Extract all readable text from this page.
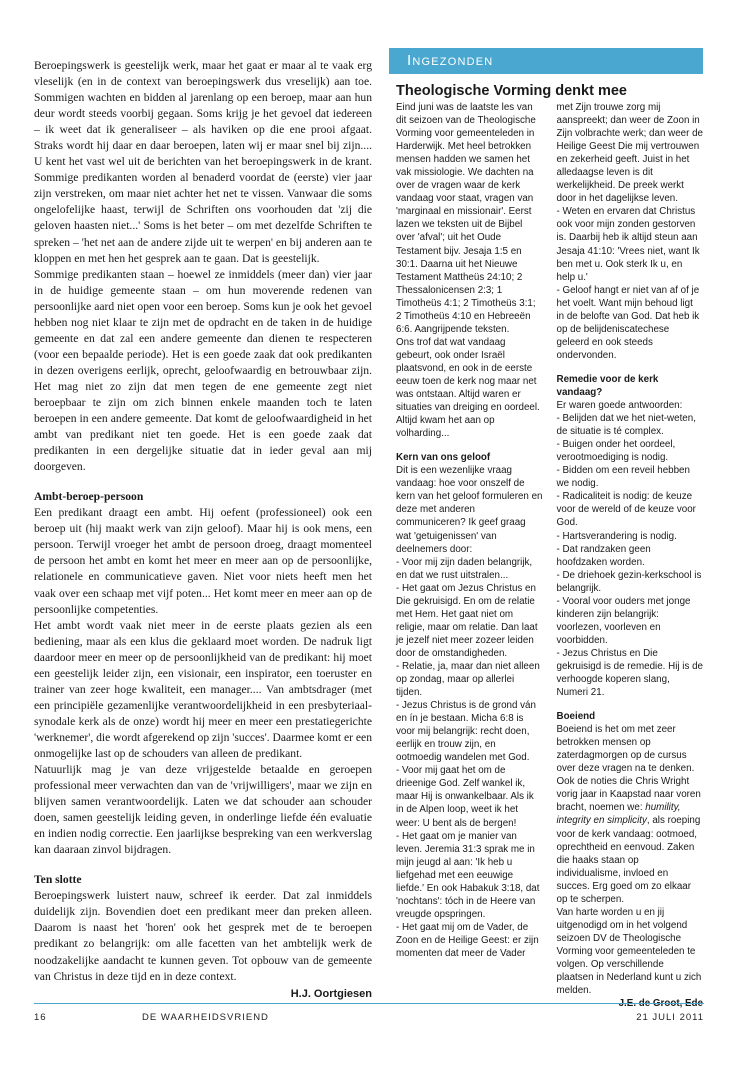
Beroepingswerk is geestelijk werk, maar het gaat er maar al te vaak erg vleselijk (en in de context van beroepingswerk dus vreselijk) aan toe. Sommigen wachten en bidden al jarenlang op een beroep, maar aan hun deur wordt steeds voorbij gegaan. Soms krijg je het gevoel dat iedereen – ik weet dat ik generaliseer – als haviken op die ene prooi afgaat. Straks wordt hij daar en daar beroepen, laten wij er maar snel bij zijn.... U kent het vast wel uit de berichten van het beroepingswerk in de krant. Sommige predikanten worden al benaderd voordat de (eerste) vier jaar zijn verstreken, om maar niet achter het net te vissen. Vanwaar die soms ongelofelijke haast, terwijl de Schriften ons voorhouden dat 'zij die geloven haasten niet...' Soms is het beter – om met dezelfde Schriften te spreken – 'het net aan de andere zijde uit te werpen' en bij anderen aan te kloppen en met hen het gesprek aan te gaan. Dat is geestelijk.

Sommige predikanten staan – hoewel ze inmiddels (meer dan) vier jaar in de huidige gemeente staan – om hun moverende redenen van persoonlijke aard niet open voor een beroep. Soms kun je ook het gevoel hebben nog niet klaar te zijn met de opdracht en de taken in de huidige gemeente en dat zal een andere gemeente dan dienen te respecteren (voor een bepaalde periode). Het is een goede zaak dat ook predikanten in dezen overigens eerlijk, oprecht, geloofwaardig en betrouwbaar zijn. Het mag niet zo zijn dat men tegen de ene gemeente zegt niet beroepbaar te zijn om zich binnen enkele maanden toch te laten beroepen in een andere gemeente. Dat komt de geloofwaardigheid in het ambt van predikant niet ten goede. Het is een goede zaak dat predikanten in een dergelijke situatie dat in ieder geval aan mij doorgeven.

Ambt-beroep-persoon

Een predikant draagt een ambt. Hij oefent (professioneel) ook een beroep uit (hij maakt werk van zijn geloof). Maar hij is ook mens, een persoon. Terwijl vroeger het ambt de persoon droeg, draagt momenteel de persoon het ambt en komt het meer en meer aan op de persoonlijke, relationele en communicatieve gaven. Niet voor niets heeft men het vaak over een schaap met vijf poten... Het komt meer en meer aan op de persoonlijke competenties.

Het ambt wordt vaak niet meer in de eerste plaats gezien als een bediening, maar als een klus die geklaard moet worden. De nadruk ligt daardoor meer en meer op de persoonlijkheid van de predikant: hij moet een geestelijk leider zijn, een visionair, een inspirator, een toeruster en trainer van zeer hoge kwaliteit, een manager.... Van ambtsdrager (met een principiële gezamenlijke verantwoordelijkheid in een presbyteriaal-synodale kerk als de onze) wordt hij meer en meer een prestatiegerichte 'werknemer', die wordt afgerekend op zijn 'succes'. Daarmee komt er een onmogelijke last op de schouders van alleen de predikant.

Natuurlijk mag je van deze vrijgestelde betaalde en geroepen professional meer verwachten dan van de 'vrijwilligers', maar we zijn en blijven samen verantwoordelijk. Laten we dat schouder aan schouder doen, samen geestelijk leiding geven, in onderlinge liefde één evaluatie en indien nodig correctie. Een jaarlijkse bespreking van een werkverslag kan daaraan zinvol bijdragen.

Ten slotte

Beroepingswerk luistert nauw, schreef ik eerder. Dat zal inmiddels duidelijk zijn. Bovendien doet een predikant meer dan preken alleen. Daarom is naast het 'horen' ook het gesprek met de te beroepen predikant zo belangrijk: om alle facetten van het ambtelijk werk de noodzakelijke aandacht te kunnen geven. Tot opbouw van de gemeente van Christus in deze tijd en in deze context.

H.J. Oortgiesen

Ingezonden
Theologische Vorming denkt mee

Eind juni was de laatste les van dit seizoen van de Theologische Vorming voor gemeenteleden in Harderwijk. Met heel betrokken mensen hadden we samen het vak missiologie. We dachten na over de vragen waar de kerk vandaag voor staat, vragen van 'marginaal en missionair'. Eerst lazen we teksten uit de Bijbel over 'afval'; uit het Oude Testament bijv. Jesaja 1:5 en 30:1. Daarna uit het Nieuwe Testament Mattheüs 24:10; 2 Thessalonicensen 2:3; 1 Timotheüs 4:1; 2 Timotheüs 3:1; 2 Timotheüs 4:10 en Hebreeën 6:6. Aangrijpende teksten.

Ons trof dat wat vandaag gebeurt, ook onder Israël plaatsvond, en ook in de eerste eeuw toen de kerk nog maar net was ontstaan. Altijd waren er situaties van dreiging en oordeel. Altijd kwam het aan op volharding...

Kern van ons geloof

Dit is een wezenlijke vraag vandaag: hoe voor onszelf de kern van het geloof formuleren en deze met anderen communiceren? Ik geef graag wat 'getuigenissen' van deelnemers door:

- Voor mij zijn daden belangrijk, en dat we rust uitstralen...

- Het gaat om Jezus Christus en Die gekruisigd. En om de relatie met Hem. Het gaat niet om religie, maar om relatie. Dan laat je jezelf niet meer zozeer leiden door de omstandigheden.

- Relatie, ja, maar dan niet alleen op zondag, maar op allerlei tijden.

- Jezus Christus is de grond ván en ín je bestaan. Micha 6:8 is voor mij belangrijk: recht doen, eerlijk en trouw zijn, en ootmoedig wandelen met God.

- Voor mij gaat het om de drieenige God. Zelf wankel ik, maar Hij is onwankelbaar. Als ik in de Alpen loop, weet ik het weer: U bent als de bergen!

- Het gaat om je manier van leven. Jeremia 31:3 sprak me in mijn jeugd al aan: 'Ik heb u liefgehad met een eeuwige liefde.' En ook Habakuk 3:18, dat 'nochtans': tóch in de Heere van vreugde opspringen.

- Het gaat mij om de Vader, de Zoon en de Heilige Geest: er zijn momenten dat meer de Vader

met Zijn trouwe zorg mij aanspreekt; dan weer de Zoon in Zijn volbrachte werk; dan weer de Heilige Geest Die mij vertrouwen en zekerheid geeft. Juist in het alledaagse leven is dit werkelijkheid. De preek werkt door in het dagelijkse leven.

- Weten en ervaren dat Christus ook voor mijn zonden gestorven is. Daarbij heb ik altijd steun aan Jesaja 41:10: 'Vrees niet, want Ik ben met u. Ook sterk Ik u, en help u.'

- Geloof hangt er niet van af of je het voelt. Want mijn behoud ligt in de belofte van God. Dat heb ik op de belijdeniscatechese geleerd en ook steeds ondervonden.

Remedie voor de kerk vandaag?

Er waren goede antwoorden:

- Belijden dat we het niet-weten, de situatie is té complex.

- Buigen onder het oordeel, verootmoediging is nodig.

- Bidden om een reveil hebben we nodig.

- Radicaliteit is nodig: de keuze voor de wereld of de keuze voor God.

- Hartsverandering is nodig.

- Dat randzaken geen hoofdzaken worden.

- De driehoek gezin-kerkschool is belangrijk.

- Vooral voor ouders met jonge kinderen zijn belangrijk: voorlezen, voorleven en voorbidden.

- Jezus Christus en Die gekruisigd is de remedie. Hij is de verhoogde koperen slang, Numeri 21.

Boeiend

Boeiend is het om met zeer betrokken mensen op zaterdagmorgen op de cursus over deze vragen na te denken. Ook de noties die Chris Wright vorig jaar in Kaapstad naar voren bracht, noemen we: humility, integrity en simplicity, als roeping voor de kerk vandaag: ootmoed, oprechtheid en eenvoud. Zaken die haaks staan op individualisme, invloed en succes. Erg goed om zo elkaar op te scherpen.

Van harte worden u en jij uitgenodigd om in het volgend seizoen DV de Theologische Vorming voor gemeenteleden te volgen. Op verschillende plaatsen in Nederland kunt u zich melden.

16	DE WAARHEIDSVRIEND	21 JULI 2011
